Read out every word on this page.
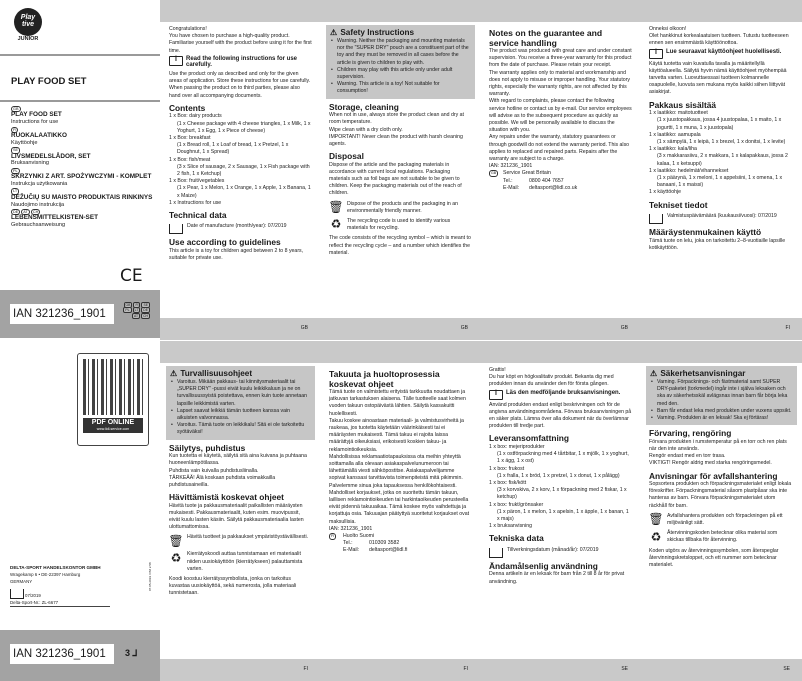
Play tive
JUNIOR
PLAY FOOD SET
GB
PLAY FOOD SET
Instructions for use
FI
RUOKALAATIKKO
Käyttöohje
SE
LIVSMEDELSLÅDOR, SET
Bruksanvisning
PL
SKRZYNKI Z ART. SPOŻYWCZYMI - KOMPLET
Instrukcja użytkowania
LT
DĖŽUČIŲ SU MAISTO PRODUKTAIS RINKINYS
Naudojimo instrukcija
DE AT CH
LEBENSMITTELKISTEN-SET
Gebrauchsanweisung
CE
IAN 321236_1901
GB FI SE
PL LT DE
AT CH
Congratulations!
You have chosen to purchase a high-quality product. Familiarise yourself with the product before using it for the first time.
i
Read the following instructions for use carefully.
Use the product only as described and only for the given areas of application. Store these instructions for use carefully. When passing the product on to third parties, please also hand over all accompanying documents.
Contents
1 x Box: dairy products
(1 x Cheese package with 4 cheese triangles, 1 x Milk, 1 x Yoghurt, 1 x Egg, 1 x Piece of cheese)
1 x Box: breakfast
(1 x Bread roll, 1 x Loaf of bread, 1 x Pretzel, 1 x Doughnut, 1 x Spread)
1 x Box: fish/meat
(3 x Slice of sausage, 2 x Sausage, 1 x Fish package with 2 fish, 1 x Ketchup)
1 x Box: fruit/vegetables
(1 x Pear, 1 x Melon, 1 x Orange, 1 x Apple, 1 x Banana, 1 x Maize)
1 x Instructions for use
Technical data
Date of manufacture (month/year): 07/2019
Use according to guidelines
This article is a toy for children aged between 2 to 8 years, suitable for private use.
GB
⚠ Safety Instructions
• Warning. Neither the packaging and mounting materials nor the "SUPER DRY" pouch are a constituent part of the toy and they must be removed in all cases before the article is given to children to play with.
• Children may play with this article only under adult supervision.
• Warning. This article is a toy! Not suitable for consumption!
Storage, cleaning
When not in use, always store the product clean and dry at room temperature.
Wipe clean with a dry cloth only.
IMPORTANT! Never clean the product with harsh cleaning agents.
Disposal
Dispose of the article and the packaging materials in accordance with current local regulations. Packaging materials such as foil bags are not suitable to be given to children. Keep the packaging materials out of the reach of children.
🗑 Dispose of the products and the packaging in an environmentally friendly manner.
♻	The recycling code is used to identify various materials for recycling.
The code consists of the recycling symbol – which is meant to reflect the recycling cycle – and a number which identifies the material.
GB
Notes on the guarantee and service handling
The product was produced with great care and under constant supervision. You receive a three-year warranty for this product from the date of purchase. Please retain your receipt.
The warranty applies only to material and workmanship and does not apply to misuse or improper handling. Your statutory rights, especially the warranty rights, are not affected by this warranty.
With regard to complaints, please contact the following service hotline or contact us by e-mail. Our service employees will advise as to the subsequent procedure as quickly as possible. We will be personally available to discuss the situation with you.
Any repairs under the warranty, statutory guarantees or through goodwill do not extend the warranty period. This also applies to replaced and repaired parts. Repairs after the warranty are subject to a charge.
IAN: 321236_1901
GB	Service Great Britain
Tel.:	0800 404 7657
E-Mail:	deltasport@lidl.co.uk
GB
Onneksi olkoon!
Olet hankkinut korkealaatuisen tuotteen. Tutustu tuotteeseen ennen sen ensimmäistä käyttöönottoa.
i
Lue seuraavat käyttöohjeet huolellisesti.
Käytä tuotetta vain kuvatulla tavalla ja määritellyllä käyttöalueella. Säilytä hyvin nämä käyttöohjeet myöhempää tarvetta varten. Luovuttaessasi tuotteen kolmannelle osapuolelle, luovuta sen mukana myös kaikki siihen liittyvät asiakirjat.
Pakkaus sisältää
1 x laatikko: maitotuotteet
(1 x juustopakkaus, jossa 4 juustopalaa, 1 x maito, 1 x jogurtti, 1 x muna, 1 x juustopala)
1 x laatikko: aamupala
(1 x sämpylä, 1 x leipä, 1 x brezel, 1 x donitsi, 1 x levite)
1 x laatikko: kala/liha
(3 x makkarasiivu, 2 x makkara, 1 x kalapakkaus, jossa 2 kalaa, 1 x ketsuppi)
1 x laatikko: hedelmät/vihannekset
(1 x päärynä, 1 x meloni, 1 x appelsiini, 1 x omena, 1 x banaani, 1 x maissi)
1 x käyttöohje
Tekniset tiedot
Valmistuspäivämäärä (kuukausi/vuosi): 07/2019
Määräystenmukainen käyttö
Tämä tuote on lelu, joka on tarkoitettu 2–8-vuotiaille lapsille kotikäyttöön.
FI
PDF ONLINE
www.lidl-service.com
DELTA-SPORT HANDELSKONTOR GMBH
Wragekamp 6 • DE-22397 Hamburg
GERMANY
07/2019
Delta-Sport-Nr.: ZL-6677
07.05.2019 / PM 2.58
IAN 321236_1901	3 ⅃
⚠ Turvallisuusohjeet
• Varoitus. Mikään pakkaus- tai kiinnitysmateriaalit tai „SUPER DRY" -pussi eivät kuulu leikkikaluun ja ne on turvallisuussyistä poistettava, ennen kuin tuote annetaan lapsille leikkimistä varten.
• Lapset saavat leikkiä tämän tuotteen kanssa vain aikuisten valvonnassa.
• Varoitus. Tämä tuote on leikkikalu! Sitä ei ole tarkoitettu syötäväksi!
Säilytys, puhdistus
Kun tuotetta ei käytetä, säilytä sitä aina kuivana ja puhtaana huoneenlämpötilassa.
Puhdista vain kuivalla puhdistusliinalla.
TÄRKEÄÄ! Älä koskaan puhdista voimakkailla puhdistusaineilla.
Hävittämistä koskevat ohjeet
Hävitä tuote ja pakkausmateriaalit paikallisten määräysten mukaisesti. Pakkausmateriaalit, kuten esim. muovipussit, eivät kuulu lasten käsiin. Säilytä pakkausmateriaalia lasten ulottumattomissa.
🗑 Hävitä tuotteet ja pakkaukset ympäristöystävällisesti.
♻	Kierrätyskoodi auttaa tunnistamaan eri materiaalit niiden uusiokäyttöön (kierrätykseen) palauttamista varten.
Koodi koostuu kierrätyssymbolista, jonka on tarkoitus kuvastaa uusiokäyttöä, sekä numerosta, jolla materiaali tunnistetaan.
FI
Takuuta ja huoltoprosessia koskevat ohjeet
Tämä tuote on valmistettu erityistä tarkkuutta noudattaen ja jatkuvan tarkastuksen alaisena. Tälle tuotteelle saat kolmen vuoden takuun ostopäivästä lähtien. Säilytä kassakuitti huolellisesti.
Takuu koskee ainoastaan materiaali- ja valmistusvirheitä ja raukeaa, jos tuotetta käytetään väärinkäisesti tai ei määräysten mukaisesti. Tämä takuu ei rajoita laissa määrättyjä oikeuksiasi, erikoisesti koskien takuu- ja reklamointioikeuksia.
Mahdollisissa reklamaatiotapauksissa ota meihin yhteyttä soittamalla alla olevaan asiakaspalvelunumeroon tai lähettämällä viesti sähköpostitse. Asiakaspalvelijamme sopivat kanssasi tarvittavista toimenpiteistä mitä pikimmin. Palvelemme sinua joka tapauksessa henkilökohtaisesti.
Mahdolliset korjaukset, jotka on suoritettu tämän takuun, laillisen reklamointioikeuden tai harkintaoikeuden perusteella eivät pidennä takuuaikaa. Tämä koskee myös vaihdettuja ja korjattuja osia. Takuuajan päätyttyä suoritetut korjaukset ovat maksullisia.
IAN: 321236_1901
FI	Huolto Suomi
Tel.:	010309 3582
E-Mail:	deltasport@lidl.fi
FI
Grattis!
Du har köpt en högkvalitativ produkt. Bekanta dig med produkten innan du använder den för första gången.
i
Läs den medföljande bruksanvisningen.
Använd produkten endast enligt beskrivningen och för de angivna användningsområdena. Förvara bruksanvisningen på en säker plats. Lämna över alla dokument när du överlämnar produkten till tredje part.
Leveransomfattning
1 x box: mejeriprodukter
(1 x ostförpackning med 4 tårtbitar, 1 x mjölk, 1 x yoghurt, 1 x ägg, 1 x ost)
1 x box: frukost
(1 x fralla, 1 x bröd, 1 x pretzel, 1 x donut, 1 x pålägg)
1 x box: fisk/kött
(3 x korvskiva, 2 x korv, 1 x förpackning med 2 fiskar, 1 x ketchup)
1 x box: frukt/grönsaker
(1 x päron, 1 x melon, 1 x apelsin, 1 x äpple, 1 x banan, 1 x majs)
1 x bruksanvisning
Tekniska data
Tillverkningsdatum (månad/år): 07/2019
Ändamålsenlig användning
Denna artikeln är en leksak för barn från 2 till 8 år för privat användning.
SE
⚠ Säkerhetsanvisningar
• Varning. Förpacknings- och fästmaterial samt SUPER DRY-paketet (torkmedel) ingår inte i själva leksaken och ska av säkerhetsskäl avlägsnas innan barn får börja leka med den.
• Barn får endast leka med produkten under vuxens uppsikt.
• Varning. Produkten är en leksak! Ska ej förtäras!
Förvaring, rengöring
Förvara produkten i rumstemperatur på en torr och ren plats när den inte används.
Rengör endast med en torr trasa.
VIKTIGT! Rengör aldrig med starka rengöringsmedel.
Anvisningar för avfallshantering
Sopsortera produkten och förpackningsmaterialet enligt lokala föreskrifter. Förpackningsmaterial såsom plastpåsar ska inte hanteras av barn. Förvara förpackningsmaterialet utom räckhåll för barn.
🗑 Avfallshantera produkten och förpackningen på ett miljövänligt sätt.
♻	Återvinningskoden betecknar olika material som skickas tillbaka för återvinning.
Koden utgörs av återvinningssymbolen, som återspeglar återvinningskretsloppet, och ett nummer som betecknar materialet.
SE
